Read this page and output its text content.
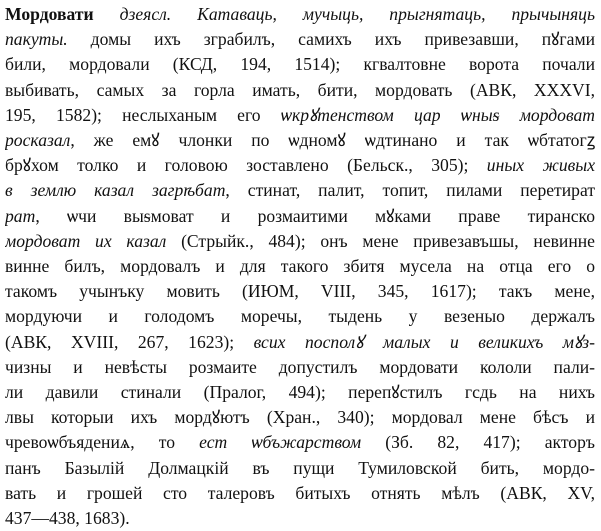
Мордовати дзеясл. Катаваць, мучыць, прыгнятаць, прычыняць
пакуты. домы ихъ зграбилъ, самихъ ихъ привезавши, пꙋгами
били, мордовали (КСД, 194, 1514); кгвалтовне ворота почали
выбивать, самых за горла имать, бити, мордовать (АВК, XXXVI,
195, 1582); неслыханым его ѡкрꙋтенством цар ѡныᵴ мордоват
росказал, же емꙋ члонки по ѡдномꙋ ѡдтинано и так ѡбтатогꙁ
брꙋхом толко и головою зоставлено (Бельск., 305); иных живых
в землю казал загрѣбат, стинат, палит, топит, пилами перетират
рат, ѡчи выᵴмоват и розмаитими мꙋками праве тиранско
мордоват их казал (Стрыйк., 484); онъ мене привезавъшы, невинне
винне билъ, мордовалъ и для такого збитя мусела на отца его о
такомъ учынъку мовить (ИЮМ, VIII, 345, 1617); такъ мене,
мордуючи и голодомъ моречы, тыдень у везеныо держалъ
(АВК, XVIII, 267, 1623); всих посполꙋ малых и великихъ мꙋз-
чизны и невѣсты розмаите допустилъ мордовати кололи пали-
ли давили стинали (Пралог, 494); перепꙋстилъ гсдь на нихъ
лвы которыи ихъ мордꙋютъ (Хран., 340); мордовал мене бѣсъ и
чревоѡбъядениѧ, то ест ѡбъжарством (Зб. 82, 417); акторъ
панъ Базылій Долмацкій въ пущи Тумиловской бить, мордо-
вать и грошей сто талеровъ битыхъ отнять мѣлъ (АВК, XV,
437—438, 1683).
